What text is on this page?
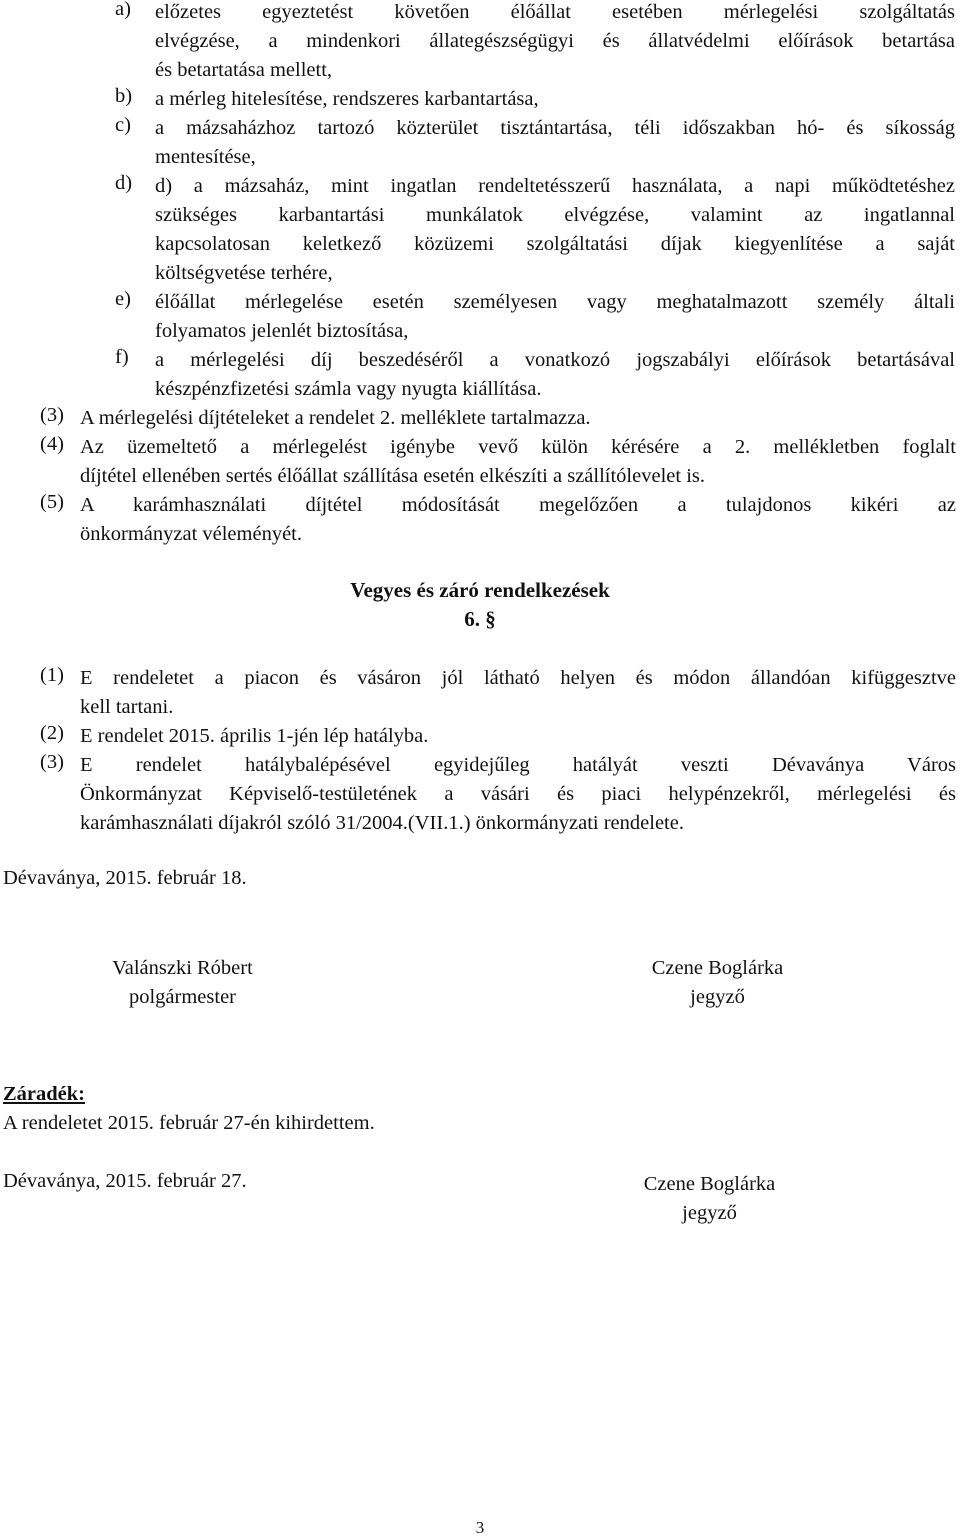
a)	előzetes egyeztetést követően élőállat esetében mérlegelési szolgáltatás
elvégzése, a mindenkori állategészségügyi és állatvédelmi előírások betartása
és betartatása mellett,
b)	a mérleg hitelesítése, rendszeres karbantartása,
c)	a mázsaházhoz tartozó közterület tisztántartása, téli időszakban hó- és síkosság
mentesítése,
d)	d) a mázsaház, mint ingatlan rendeltetésszerű használata, a napi működtetéshez
szükséges karbantartási munkálatok elvégzése, valamint az ingatlannal
kapcsolatosan keletkező közüzemi szolgáltatási díjak kiegyenlítése a saját
költségvetése terhére,
e)	élőállat mérlegelése esetén személyesen vagy meghatalmazott személy általi
folyamatos jelenlét biztosítása,
f)	a mérlegelési díj beszedéséről a vonatkozó jogszabályi előírások betartásával
készpénzfizetési számla vagy nyugta kiállítása.
(3) A mérlegelési díjtételeket a rendelet 2. melléklete tartalmazza.
(4) Az üzemeltető a mérlegelést igénybe vevő külön kérésére a 2. mellékletben foglalt
díjtétel ellenében sertés élőállat szállítása esetén elkészíti a szállítólevelet is.
(5) A karámhasználati díjtétel módosítását megelőzően a tulajdonos kikéri az
önkormányzat véleményét.
Vegyes és záró rendelkezések
6. §
(1) E rendeletet a piacon és vásáron jól látható helyen és módon állandóan kifüggesztve
kell tartani.
(2) E rendelet 2015. április 1-jén lép hatályba.
(3) E rendelet hatálybalépésével egyidejűleg hatályát veszti Dévaványa Város
Önkormányzat Képviselő-testületének a vásári és piaci helypénzekről, mérlegelési és
karámhasználati díjakról szóló 31/2004.(VII.1.) önkormányzati rendelete.
Dévaványa, 2015. február 18.
Valánszki Róbert
polgármester
Czene Boglárka
jegyző
Záradék:
A rendeletet 2015. február 27-én kihirdettem.
Dévaványa, 2015. február 27.	Czene Boglárka
jegyző
3
